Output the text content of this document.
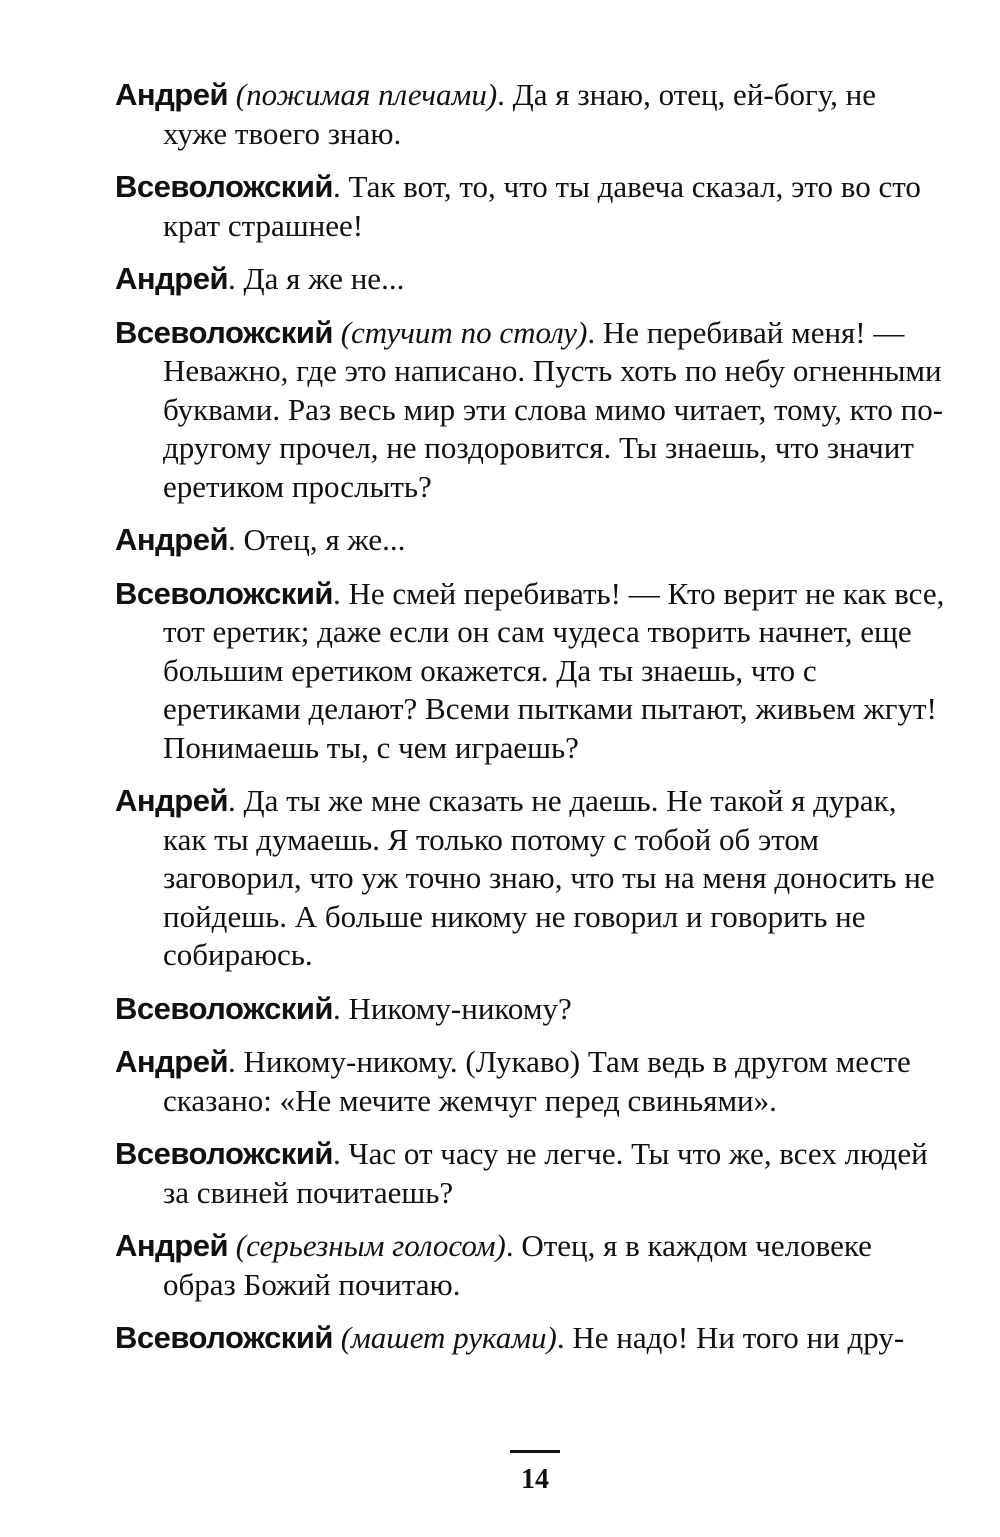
Андрей (пожимая плечами). Да я знаю, отец, ей-богу, не хуже твоего знаю.

Всеволожский. Так вот, то, что ты давеча сказал, это во сто крат страшнее!

Андрей. Да я же не...

Всеволожский (стучит по столу). Не перебивай меня! — Неважно, где это написано. Пусть хоть по небу огненными буквами. Раз весь мир эти слова мимо читает, тому, кто по-другому прочел, не поздоровится. Ты знаешь, что значит еретиком прослыть?

Андрей. Отец, я же...

Всеволожский. Не смей перебивать! — Кто верит не как все, тот еретик; даже если он сам чудеса творить начнет, еще большим еретиком окажется. Да ты знаешь, что с еретиками делают? Всеми пытками пытают, живьем жгут! Понимаешь ты, с чем играешь?

Андрей. Да ты же мне сказать не даешь. Не такой я дурак, как ты думаешь. Я только потому с тобой об этом заговорил, что уж точно знаю, что ты на меня доносить не пойдешь. А больше никому не говорил и говорить не собираюсь.

Всеволожский. Никому-никому?

Андрей. Никому-никому. (Лукаво) Там ведь в другом месте сказано: «Не мечите жемчуг перед свиньями».

Всеволожский. Час от часу не легче. Ты что же, всех людей за свиней почитаешь?

Андрей (серьезным голосом). Отец, я в каждом человеке образ Божий почитаю.

Всеволожский (машет руками). Не надо! Ни того ни дру-

14
